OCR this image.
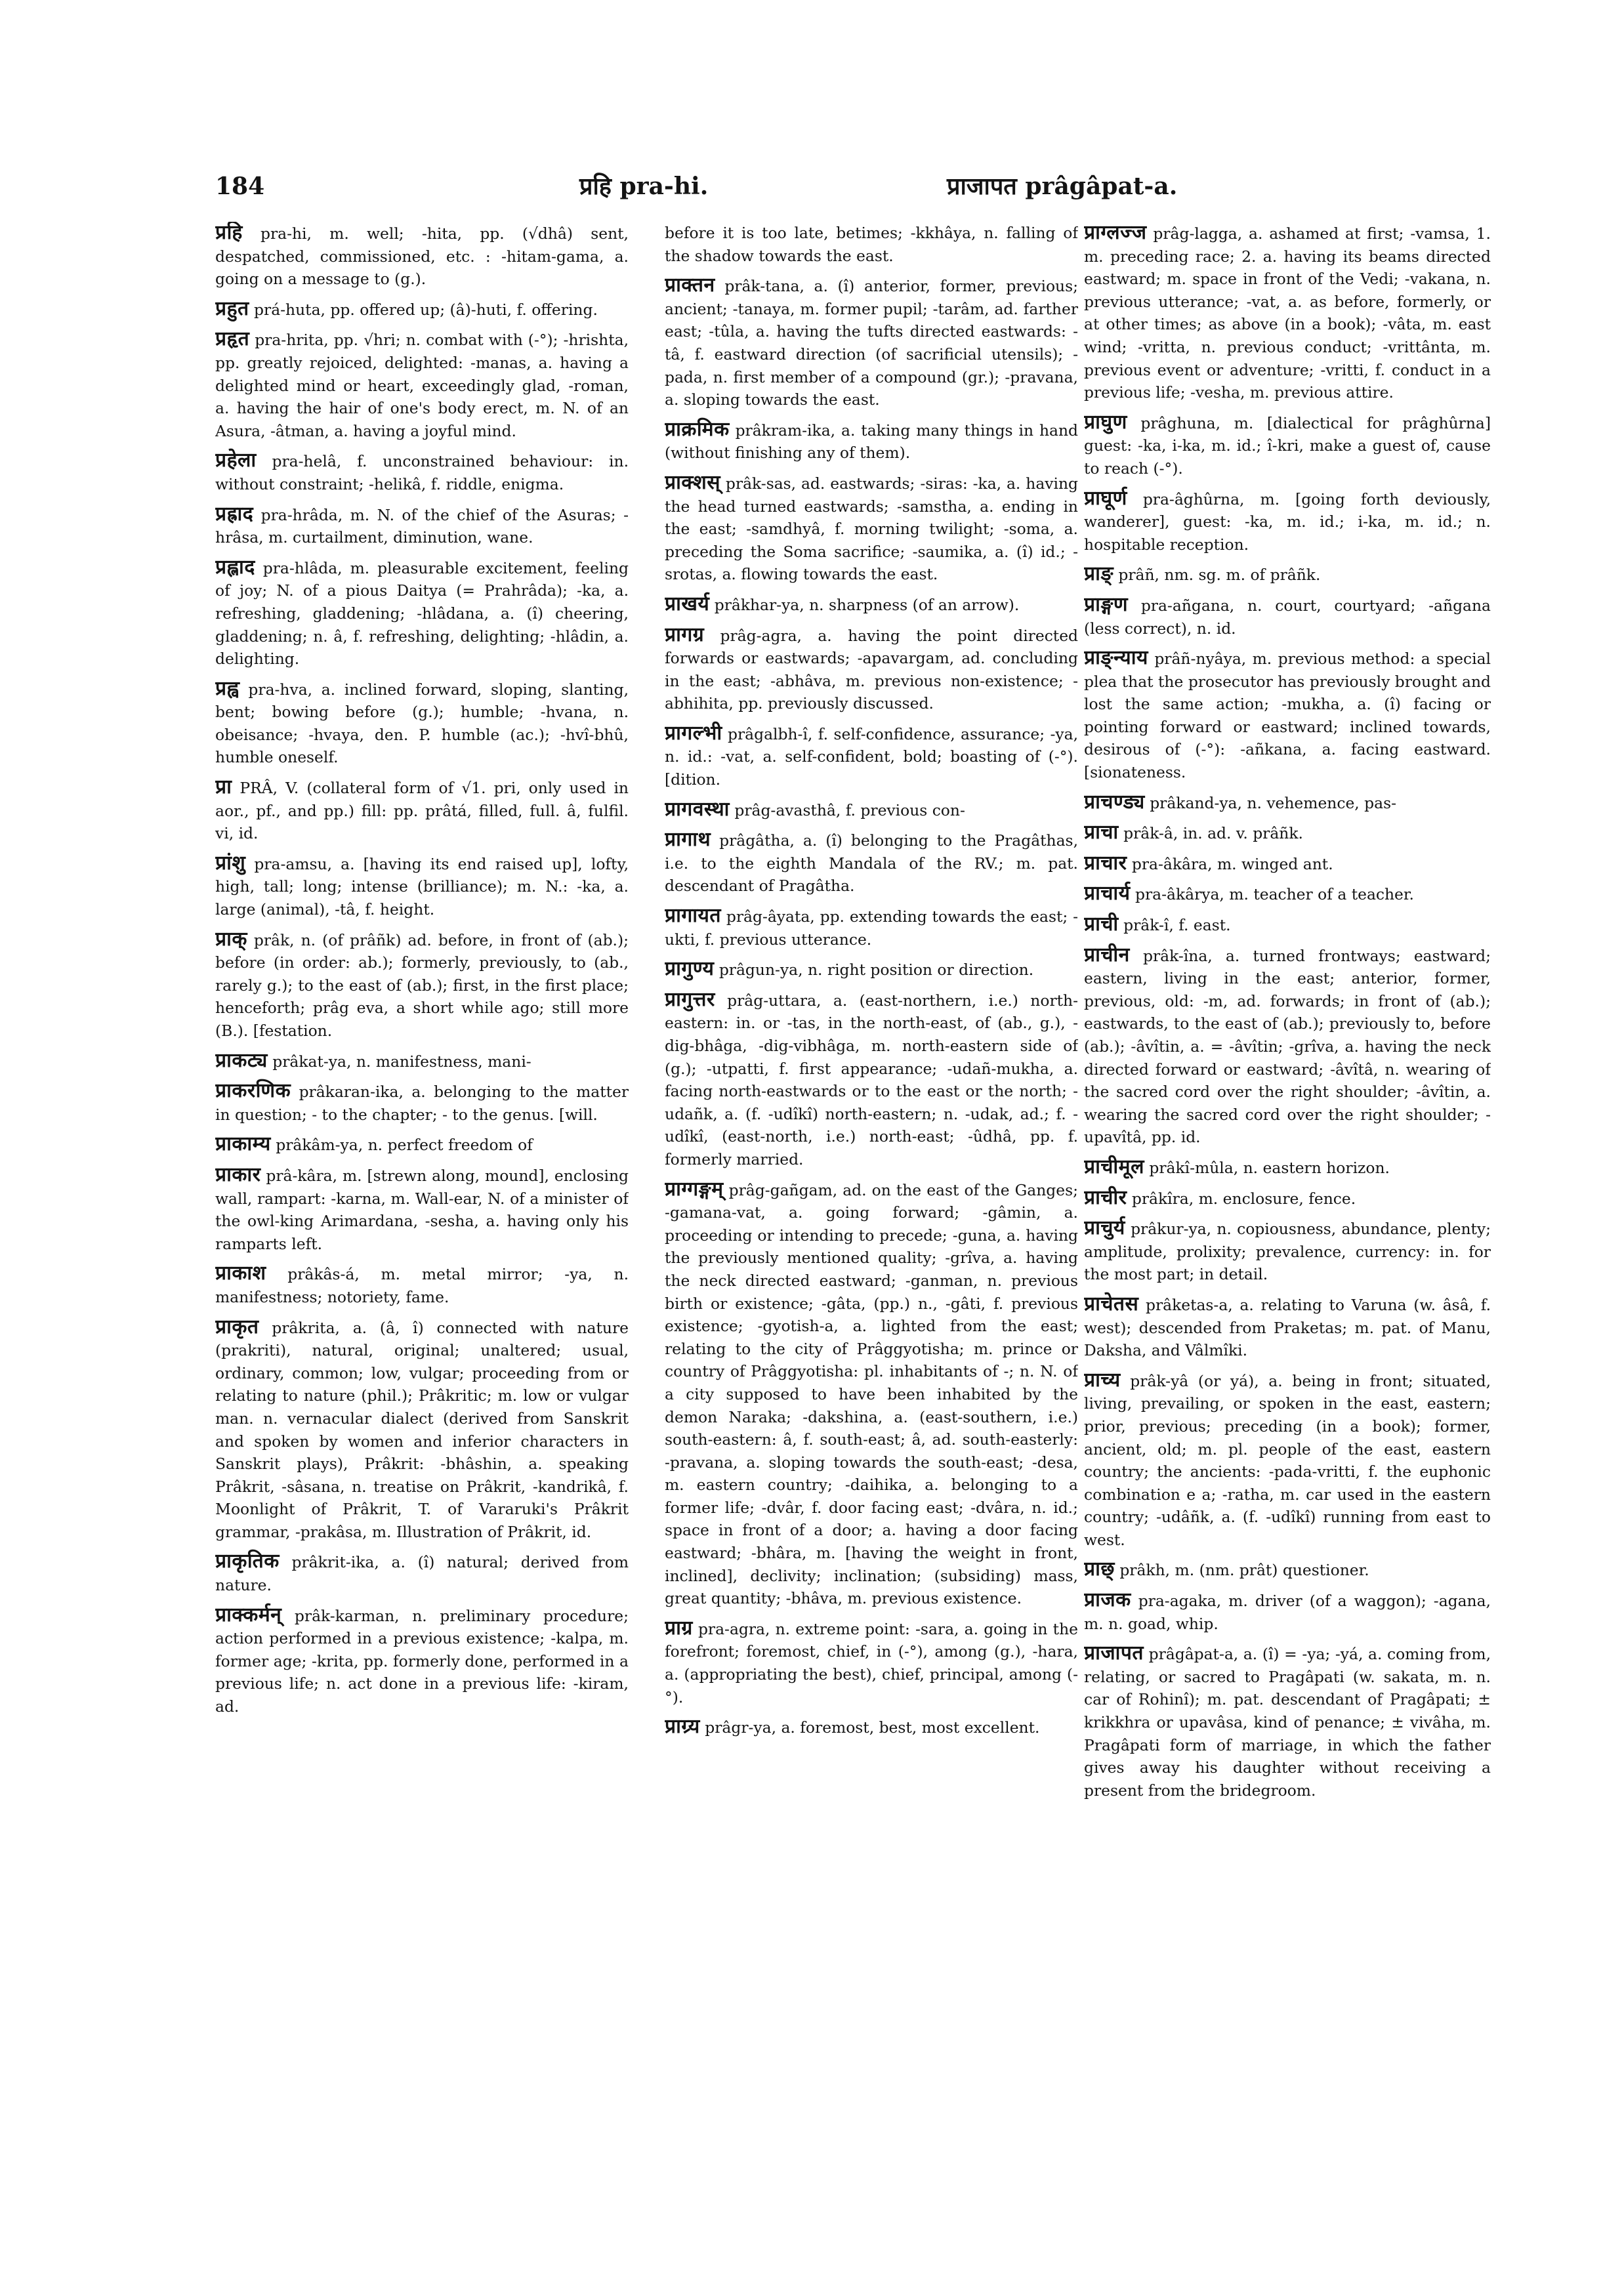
184	प्रहि pra-hi.	प्राजापत prâgâpat-a.

प्रहि pra-hi, m. well; -hita, pp. (√dhâ) sent, despatched, commissioned, etc. : -hitam-gama, a. going on a message to (g.).

प्रहुत prá-huta, pp. offered up; (â)-huti, f. offering.

प्रहृत pra-hrita, pp. √hri; n. combat with (-°); -hrishta, pp. greatly rejoiced, delighted: -manas, a. having a delighted mind or heart, exceedingly glad, -roman, a. having the hair of one's body erect, m. N. of an Asura, -âtman, a. having a joyful mind.

प्रहेला pra-helâ, f. unconstrained behaviour: in. without constraint; -helikâ, f. riddle, enigma.

प्रह्राद pra-hrâda, m. N. of the chief of the Asuras; -hrâsa, m. curtailment, diminution, wane.

प्रह्लाद pra-hlâda, m. pleasurable excitement, feeling of joy; N. of a pious Daitya (= Prahrâda); -ka, a. refreshing, gladdening; -hlâdana, a. (î) cheering, gladdening; n. â, f. refreshing, delighting; -hlâdin, a. delighting.

प्रह्व pra-hva, a. inclined forward, sloping, slanting, bent; bowing before (g.); humble; -hvana, n. obeisance; -hvaya, den. P. humble (ac.); -hvî-bhû, humble oneself.

प्रा PRÂ, V. (collateral form of √1. pri, only used in aor., pf., and pp.) fill: pp. prâtá, filled, full. â, fulfil. vi, id.

प्रांशु pra-amsu, a. [having its end raised up], lofty, high, tall; long; intense (brilliance); m. N.: -ka, a. large (animal), -tâ, f. height.

प्राक् prâk, n. (of prâñk) ad. before, in front of (ab.); before (in order: ab.); formerly, previously, to (ab., rarely g.); to the east of (ab.); first, in the first place; henceforth; prâg eva, a short while ago; still more (B.). [festation.

प्राकट्य prâkat-ya, n. manifestness, mani-

प्राकरणिक prâkaran-ika, a. belonging to the matter in question; - to the chapter; - to the genus. [will.

प्राकाम्य prâkâm-ya, n. perfect freedom of

प्राकार prâ-kâra, m. [strewn along, mound], enclosing wall, rampart: -karna, m. Wall-ear, N. of a minister of the owl-king Arimardana, -sesha, a. having only his ramparts left.

प्राकाश prâkâs-á, m. metal mirror; -ya, n. manifestness; notoriety, fame.

प्राकृत prâkrita, a. (â, î) connected with nature (prakriti), natural, original; unaltered; usual, ordinary, common; low, vulgar; proceeding from or relating to nature (phil.); Prâkritic; m. low or vulgar man. n. vernacular dialect (derived from Sanskrit and spoken by women and inferior characters in Sanskrit plays), Prâkrit: -bhâshin, a. speaking Prâkrit, -sâsana, n. treatise on Prâkrit, -kandrikâ, f. Moonlight of Prâkrit, T. of Vararuki's Prâkrit grammar, -prakâsa, m. Illustration of Prâkrit, id.

प्राकृतिक prâkrit-ika, a. (î) natural; derived from nature.

प्राक्कर्मन् prâk-karman, n. preliminary procedure; action performed in a previous existence; -kalpa, m. former age; -krita, pp. formerly done, performed in a previous life; n. act done in a previous life: -kiram, ad.

before it is too late, betimes; -kkhâya, n. falling of the shadow towards the east.

प्राक्तन prâk-tana, a. (î) anterior, former, previous; ancient; -tanaya, m. former pupil; -tarâm, ad. farther east; -tûla, a. having the tufts directed eastwards: -tâ, f. eastward direction (of sacrificial utensils); -pada, n. first member of a compound (gr.); -pravana, a. sloping towards the east.

प्राक्रमिक prâkram-ika, a. taking many things in hand (without finishing any of them).

प्राक्शस् prâk-sas, ad. eastwards; -siras: -ka, a. having the head turned eastwards; -samstha, a. ending in the east; -samdhyâ, f. morning twilight; -soma, a. preceding the Soma sacrifice; -saumika, a. (î) id.; -srotas, a. flowing towards the east.

प्राखर्य prâkhar-ya, n. sharpness (of an arrow).

प्रागग्र prâg-agra, a. having the point directed forwards or eastwards; -apavargam, ad. concluding in the east; -abhâva, m. previous non-existence; -abhihita, pp. previously discussed.

प्रागल्भी prâgalbh-î, f. self-confidence, assurance; -ya, n. id.: -vat, a. self-confident, bold; boasting of (-°). [dition.

प्रागवस्था prâg-avasthâ, f. previous con-

प्रागाथ prâgâtha, a. (î) belonging to the Pragâthas, i.e. to the eighth Mandala of the RV.; m. pat. descendant of Pragâtha.

प्रागायत prâg-âyata, pp. extending towards the east; -ukti, f. previous utterance.

प्रागुण्य prâgun-ya, n. right position or direction.

प्रागुत्तर prâg-uttara, a. (east-northern, i.e.) north-eastern: in. or -tas, in the north-east, of (ab., g.), -dig-bhâga, -dig-vibhâga, m. north-eastern side of (g.); -utpatti, f. first appearance; -udañ-mukha, a. facing north-eastwards or to the east or the north; -udañk, a. (f. -udîkî) north-eastern; n. -udak, ad.; f. -udîkî, (east-north, i.e.) north-east; -ûdhâ, pp. f. formerly married.

प्राग्गङ्गम् prâg-gañgam, ad. on the east of the Ganges; -gamana-vat, a. going forward; -gâmin, a. proceeding or intending to precede; -guna, a. having the previously mentioned quality; -grîva, a. having the neck directed eastward; -ganman, n. previous birth or existence; -gâta, (pp.) n., -gâti, f. previous existence; -gyotish-a, a. lighted from the east; relating to the city of Prâggyotisha; m. prince or country of Prâggyotisha: pl. inhabitants of -; n. N. of a city supposed to have been inhabited by the demon Naraka; -dakshina, a. (east-southern, i.e.) south-eastern: â, f. south-east; â, ad. south-easterly: -pravana, a. sloping towards the south-east; -desa, m. eastern country; -daihika, a. belonging to a former life; -dvâr, f. door facing east; -dvâra, n. id.; space in front of a door; a. having a door facing eastward; -bhâra, m. [having the weight in front, inclined], declivity; inclination; (subsiding) mass, great quantity; -bhâva, m. previous existence.

प्राग्र pra-agra, n. extreme point: -sara, a. going in the forefront; foremost, chief, in (-°), among (g.), -hara, a. (appropriating the best), chief, principal, among (-°).

प्राग्र्य prâgr-ya, a. foremost, best, most excellent.

प्राग्लज्ज prâg-lagga, a. ashamed at first; -vamsa, 1. m. preceding race; 2. a. having its beams directed eastward; m. space in front of the Vedi; -vakana, n. previous utterance; -vat, a. as before, formerly, or at other times; as above (in a book); -vâta, m. east wind; -vritta, n. previous conduct; -vrittânta, m. previous event or adventure; -vritti, f. conduct in a previous life; -vesha, m. previous attire.

प्राघुण prâghuna, m. [dialectical for prâghûrna] guest: -ka, i-ka, m. id.; î-kri, make a guest of, cause to reach (-°).

प्राघूर्ण pra-âghûrna, m. [going forth deviously, wanderer], guest: -ka, m. id.; i-ka, m. id.; n. hospitable reception.

प्राङ् prâñ, nm. sg. m. of prâñk.

प्राङ्गण pra-añgana, n. court, courtyard; -añgana (less correct), n. id.

प्राङ्न्याय prâñ-nyâya, m. previous method: a special plea that the prosecutor has previously brought and lost the same action; -mukha, a. (î) facing or pointing forward or eastward; inclined towards, desirous of (-°): -añkana, a. facing eastward. [sionateness.

प्राचण्ड्य prâkand-ya, n. vehemence, pas-

प्राचा prâk-â, in. ad. v. prâñk.

प्राचार pra-âkâra, m. winged ant.

प्राचार्य pra-âkârya, m. teacher of a teacher.

प्राची prâk-î, f. east.

प्राचीन prâk-îna, a. turned frontways; eastward; eastern, living in the east; anterior, former, previous, old: -m, ad. forwards; in front of (ab.); eastwards, to the east of (ab.); previously to, before (ab.); -âvîtin, a. = -âvîtin; -grîva, a. having the neck directed forward or eastward; -âvîtâ, n. wearing of the sacred cord over the right shoulder; -âvîtin, a. wearing the sacred cord over the right shoulder; -upavîtâ, pp. id.

प्राचीमूल prâkî-mûla, n. eastern horizon.

प्राचीर prâkîra, m. enclosure, fence.

प्राचुर्य prâkur-ya, n. copiousness, abundance, plenty; amplitude, prolixity; prevalence, currency: in. for the most part; in detail.

प्राचेतस prâketas-a, a. relating to Varuna (w. âsâ, f. west); descended from Praketas; m. pat. of Manu, Daksha, and Vâlmîki.

प्राच्य prâk-yâ (or yá), a. being in front; situated, living, prevailing, or spoken in the east, eastern; prior, previous; preceding (in a book); former, ancient, old; m. pl. people of the east, eastern country; the ancients: -pada-vritti, f. the euphonic combination e a; -ratha, m. car used in the eastern country; -udâñk, a. (f. -udîkî) running from east to west.

प्राछ् prâkh, m. (nm. prât) questioner.

प्राजक pra-agaka, m. driver (of a waggon); -agana, m. n. goad, whip.

प्राजापत prâgâpat-a, a. (î) = -ya; -yá, a. coming from, relating, or sacred to Pragâpati (w. sakata, m. n. car of Rohinî); m. pat. descendant of Pragâpati; ± krikkhra or upavâsa, kind of penance; ± vivâha, m. Pragâpati form of marriage, in which the father gives away his daughter without receiving a present from the bridegroom.
